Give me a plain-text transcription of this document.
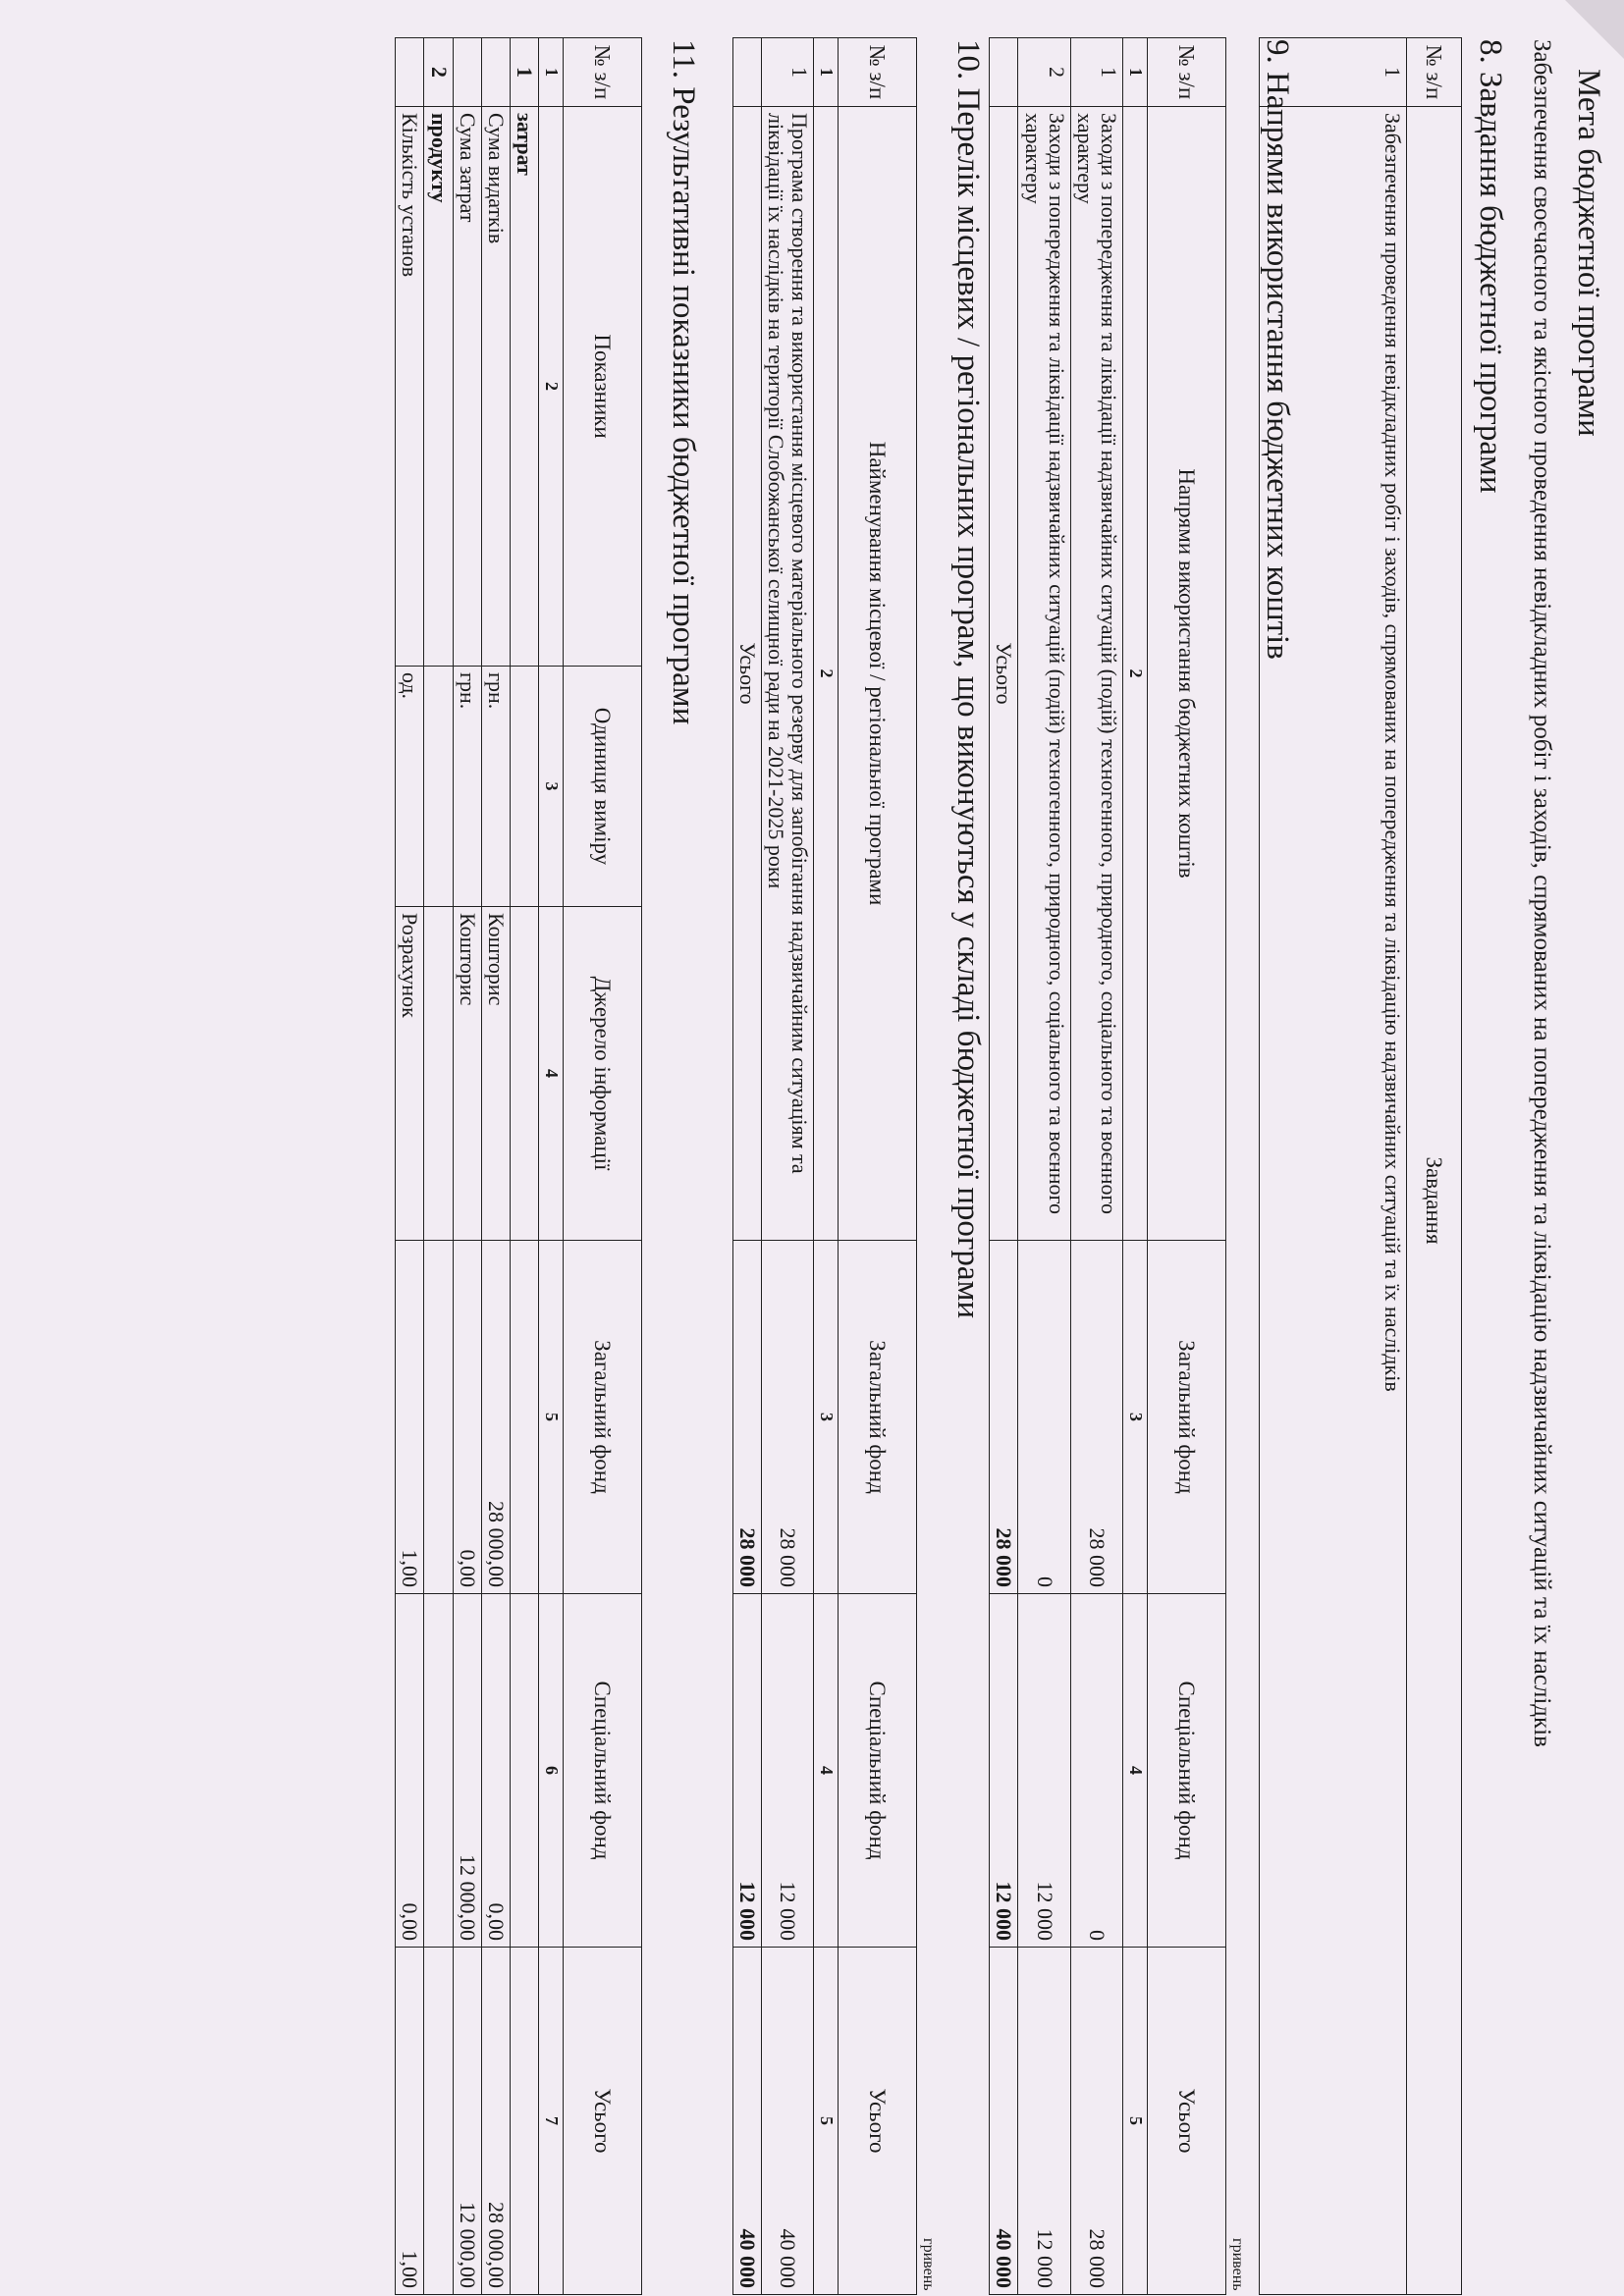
Мета бюджетної програми
Забезпечення своєчасного та якісного проведення невідкладних робіт і заходів, спрямованих на попередження та ліквідацію надзвичайних ситуацій та їх наслідків
8. Завдання бюджетної програми
№ з/п	Завдання
1	Забезпечення проведення невідкладних робіт і заходів, спрямованих на попередження та ліквідацію надзвичайних ситуацій та їх наслідків
9. Напрями використання бюджетних коштів
гривень
№ з/п	Напрями використання бюджетних коштів	Загальний фонд	Спеціальний фонд	Усього
1	2	3	4	5
1	Заходи з попередження та ліквідації надзвичайних ситуацій (подій) техногенного, природного, соціального та воєнного характеру	28 000	0	28 000
2	Заходи з попередження та ліквідації надзвичайних ситуацій (подій) техногенного, природного, соціального та воєнного характеру	0	12 000	12 000
	Усього	28 000	12 000	40 000
10. Перелік місцевих / регіональних програм, що виконуються у складі бюджетної програми
гривень
№ з/п	Найменування місцевої / регіональної програми	Загальний фонд	Спеціальний фонд	Усього
1	2	3	4	5
1	Програма створення та використання місцевого матеріального резерву для запобігання надзвичайним ситуаціям та ліквідації їх наслідків на території Слобожанської селищної ради на 2021-2025 роки	28 000	12 000	40 000
	Усього	28 000	12 000	40 000
11. Результативні показники бюджетної програми
№ з/п	Показники	Одиниця виміру	Джерело інформації	Загальний фонд	Спеціальний фонд	Усього
1	2	3	4	5	6	7
1	затрат					
	Сума видатків	грн.	Кошторис	28 000,00	0,00	28 000,00
	Сума затрат	грн.	Кошторис	0,00	12 000,00	12 000,00
2	продукту					
	Кількість установ	од.	Розрахунок	1,00	0,00	1,00
